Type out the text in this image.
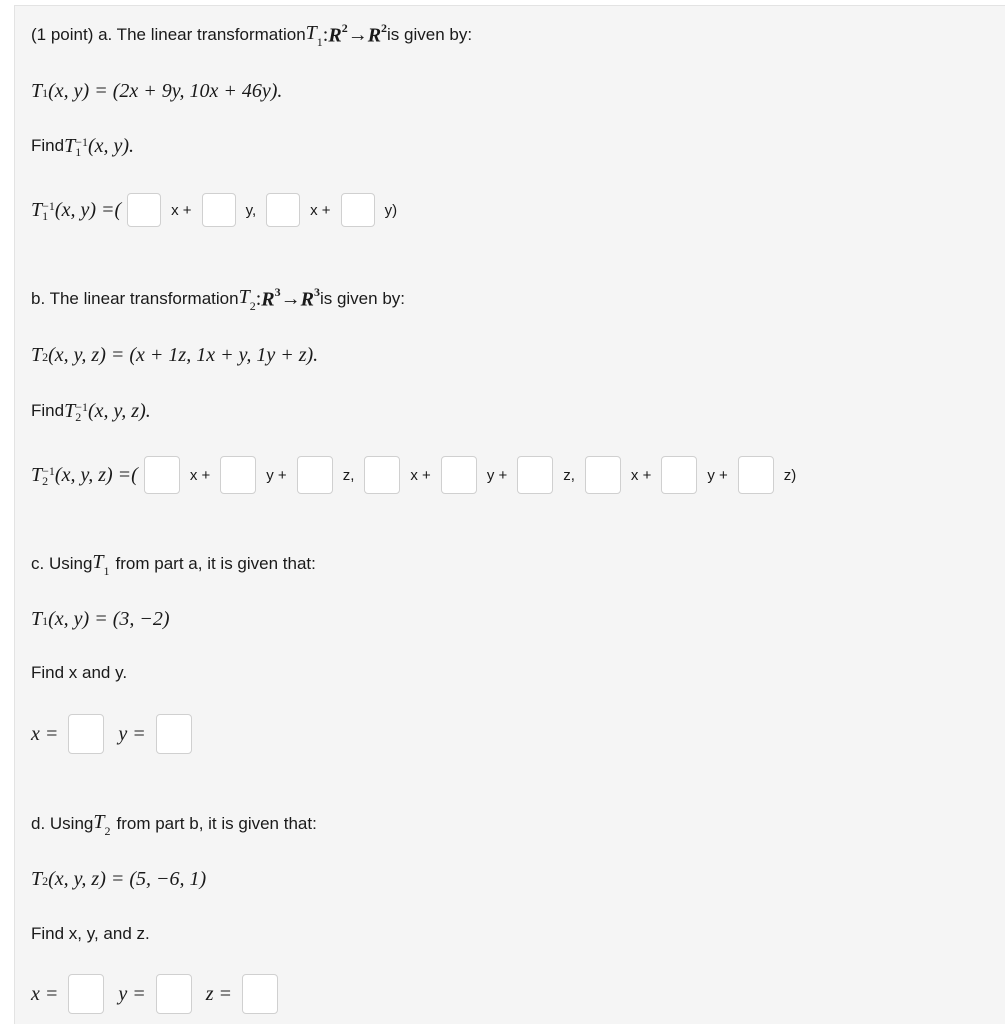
(1 point) a. The linear transformation $T_1$ : $R^2 \to R^2$ is given by:
$T_1$ (x, y) = (2x + 9y, 10x + 46y).
Find T −1
1 (x, y).
T −1
1 (x, y) =(	x +	y,	x +	y)
b. The linear transformation $T_2$ : $R^3 \to R^3$ is given by:
$T_2$ (x, y, z) = (x + 1z, 1x + y, 1y + z).
Find T −1
2 (x, y, z).
T −1
2 (x, y, z) =(	x +	y +	z,	x +	y +	z,	x +	y +	z)
c. Using $T_1$ from part a, it is given that:
$T_1$ (x, y) = (3, −2)
Find x and y.
x =	y =
d. Using $T_2$ from part b, it is given that:
$T_2$ (x, y, z) = (5, −6, 1)
Find x, y, and z.
x =	y =	z =
